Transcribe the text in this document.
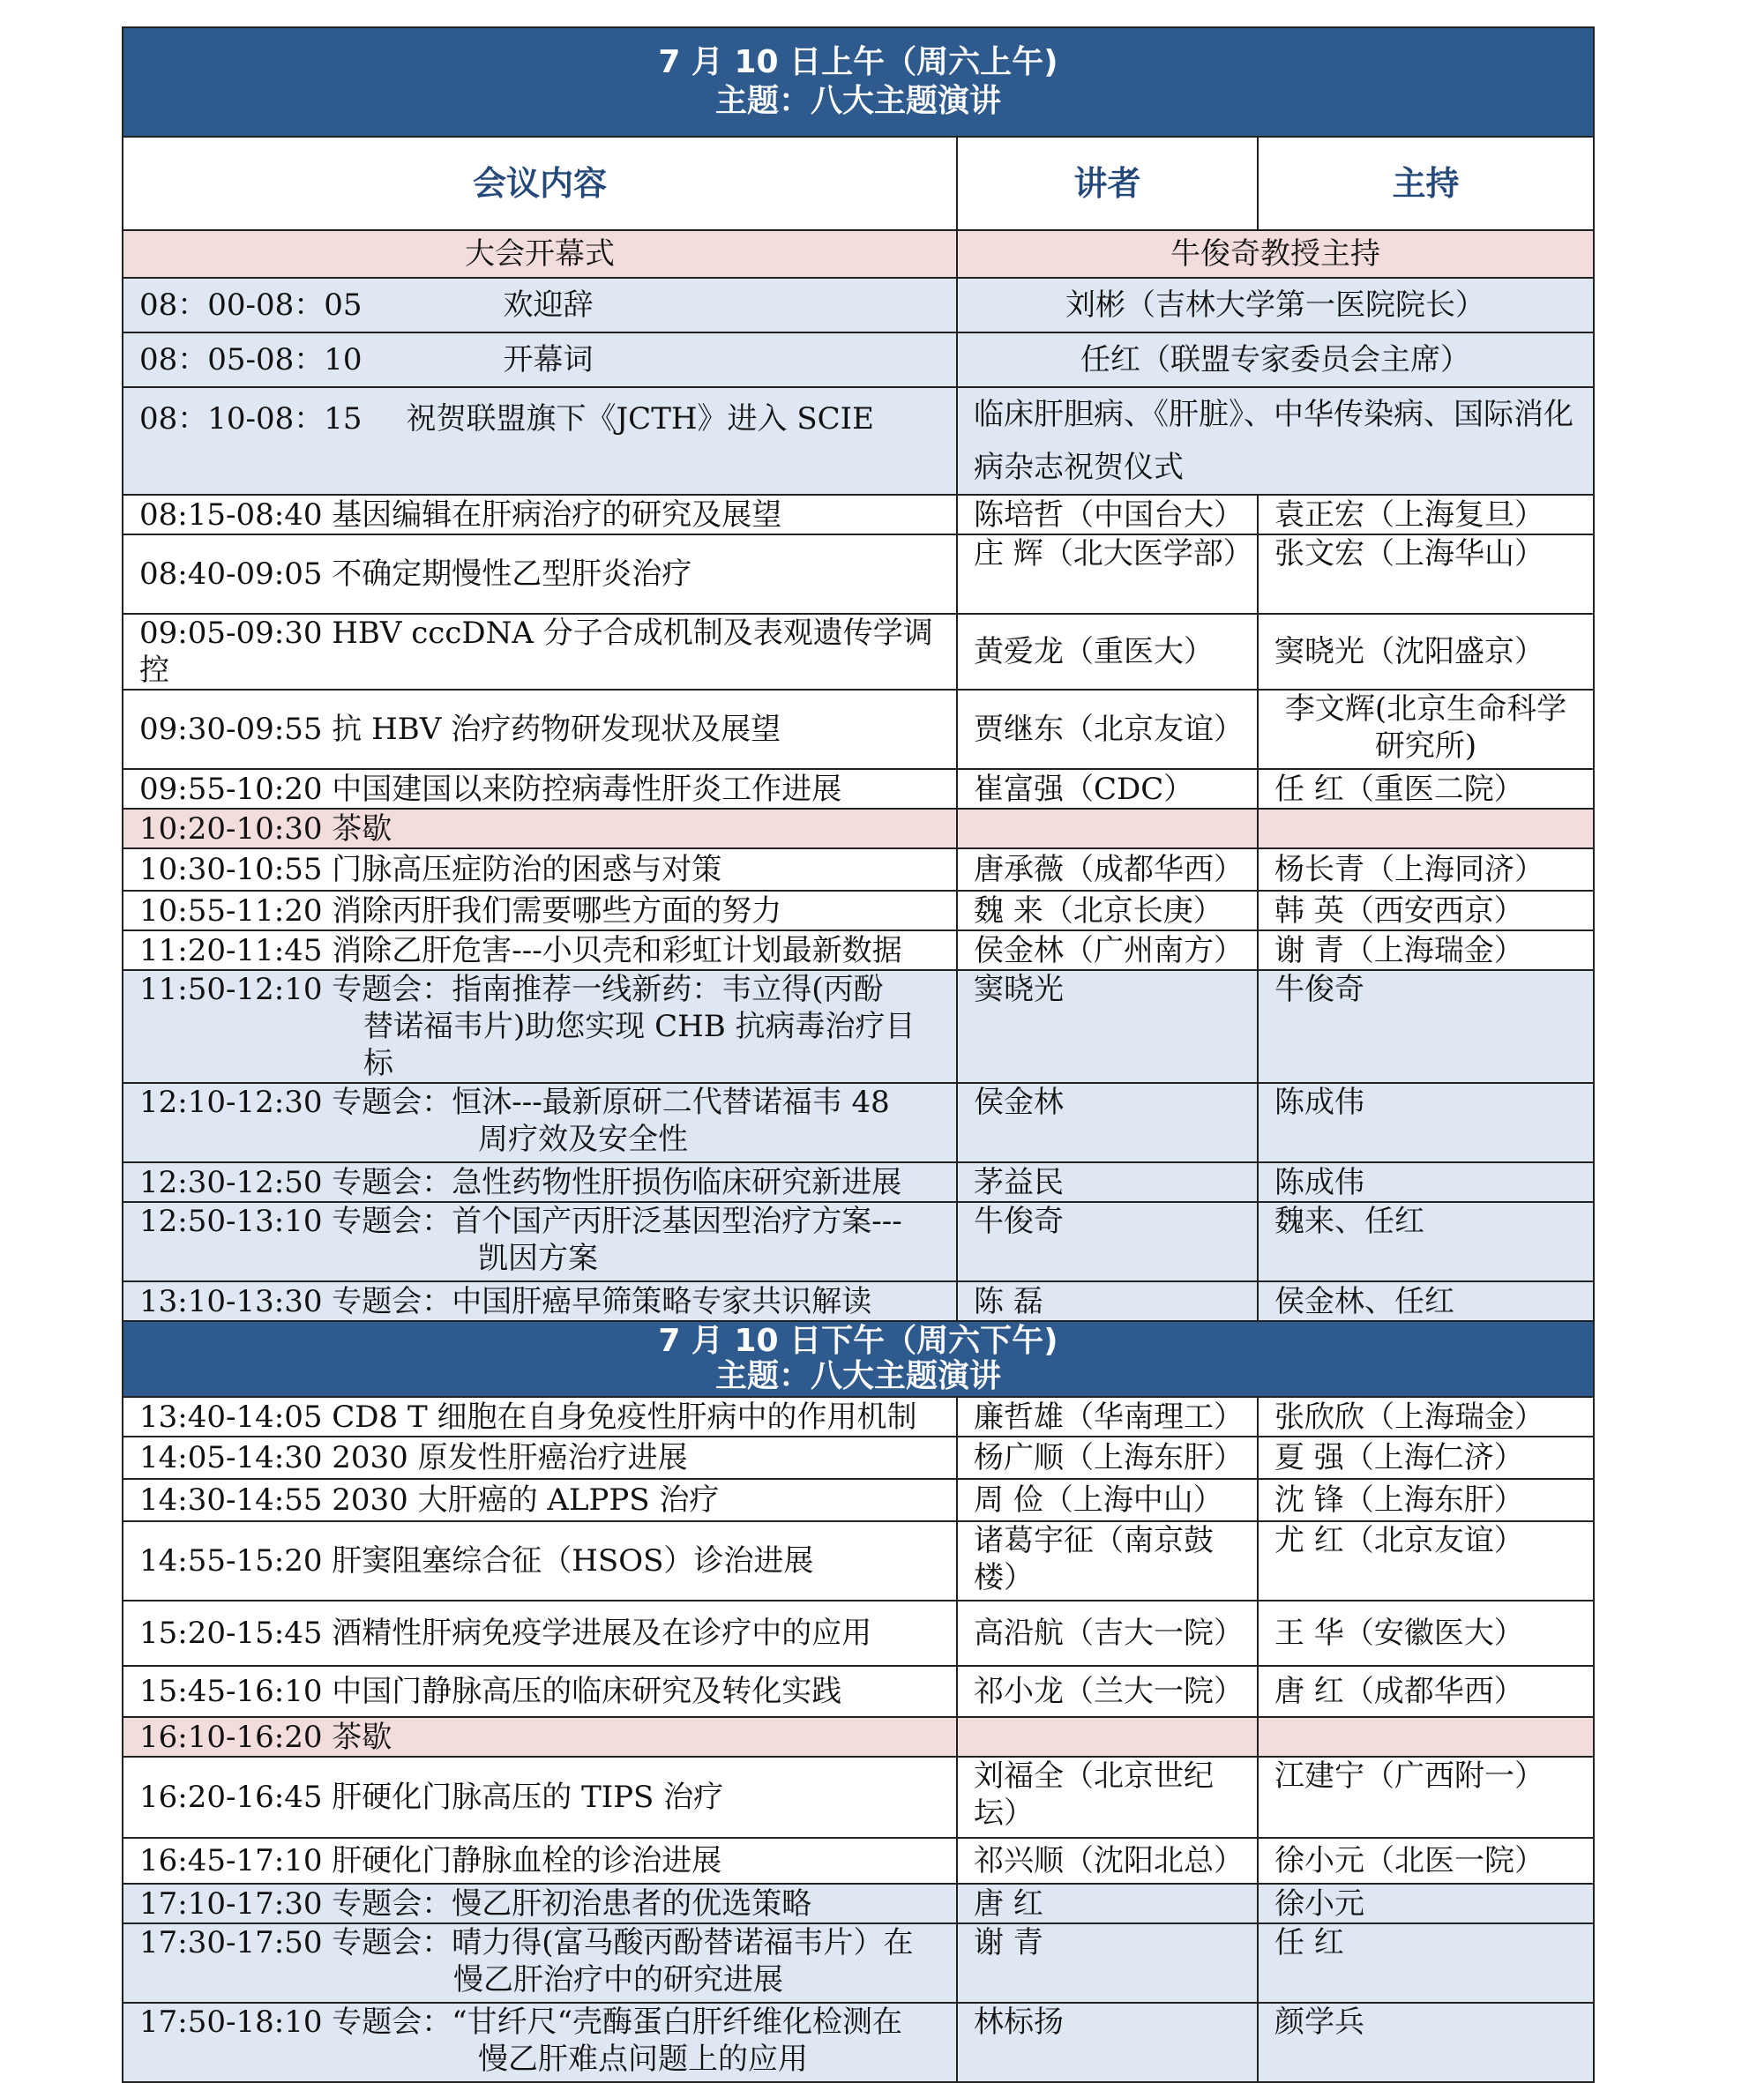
7 月 10 日上午（周六上午)
主题：八大主题演讲		

会议内容	讲者	主持
大会开幕式	牛俊奇教授主持	
08：00-08：05 欢迎辞	刘彬（吉林大学第一医院院长）	
08：05-08：10 开幕词	任红（联盟专家委员会主席）	
08：10-08：15 祝贺联盟旗下《JCTH》进入 SCIE	临床肝胆病、《肝脏》、中华传染病、国际消化病杂志祝贺仪式	
08:15-08:40 基因编辑在肝病治疗的研究及展望	陈培哲（中国台大）	袁正宏（上海复旦）
08:40-09:05 不确定期慢性乙型肝炎治疗	庄 辉（北大医学部）	张文宏（上海华山）
09:05-09:30 HBV cccDNA 分子合成机制及表观遗传学调控	黄爱龙（重医大）	窦晓光（沈阳盛京）
09:30-09:55 抗 HBV 治疗药物研发现状及展望	贾继东（北京友谊）	李文辉(北京生命科学研究所)
09:55-10:20 中国建国以来防控病毒性肝炎工作进展	崔富强（CDC）	任 红（重医二院）
10:20-10:30 茶歇		
10:30-10:55 门脉高压症防治的困惑与对策	唐承薇（成都华西）	杨长青（上海同济）
10:55-11:20 消除丙肝我们需要哪些方面的努力	魏 来（北京长庚）	韩 英（西安西京）
11:20-11:45 消除乙肝危害---小贝壳和彩虹计划最新数据	侯金林（广州南方）	谢 青（上海瑞金）
11:50-12:10 专题会：指南推荐一线新药：韦立得(丙酚
替诺福韦片)助您实现 CHB 抗病毒治疗目标	窦晓光	牛俊奇
12:10-12:30 专题会：恒沐---最新原研二代替诺福韦 48
周疗效及安全性	侯金林	陈成伟
12:30-12:50 专题会：急性药物性肝损伤临床研究新进展	茅益民	陈成伟
12:50-13:10 专题会：首个国产丙肝泛基因型治疗方案---
凯因方案	牛俊奇	魏来、任红
13:10-13:30 专题会：中国肝癌早筛策略专家共识解读	陈 磊	侯金林、任红

7 月 10 日下午（周六下午)
主题：八大主题演讲		

13:40-14:05 CD8 T 细胞在自身免疫性肝病中的作用机制	廉哲雄（华南理工）	张欣欣（上海瑞金）
14:05-14:30 2030 原发性肝癌治疗进展	杨广顺（上海东肝）	夏 强（上海仁济）
14:30-14:55 2030 大肝癌的 ALPPS 治疗	周 俭（上海中山）	沈 锋（上海东肝）
14:55-15:20 肝窦阻塞综合征（HSOS）诊治进展	诸葛宇征（南京鼓楼）	尤 红（北京友谊）
15:20-15:45 酒精性肝病免疫学进展及在诊疗中的应用	高沿航（吉大一院）	王 华（安徽医大）
15:45-16:10 中国门静脉高压的临床研究及转化实践	祁小龙（兰大一院）	唐 红（成都华西）
16:10-16:20 茶歇		
16:20-16:45 肝硬化门脉高压的 TIPS 治疗	刘福全（北京世纪坛）	江建宁（广西附一）
16:45-17:10 肝硬化门静脉血栓的诊治进展	祁兴顺（沈阳北总）	徐小元（北医一院）
17:10-17:30 专题会：慢乙肝初治患者的优选策略	唐 红	徐小元
17:30-17:50 专题会：晴力得(富马酸丙酚替诺福韦片）在
慢乙肝治疗中的研究进展	谢 青	任 红
17:50-18:10 专题会：“甘纤尺“壳酶蛋白肝纤维化检测在
慢乙肝难点问题上的应用	林标扬	颜学兵
